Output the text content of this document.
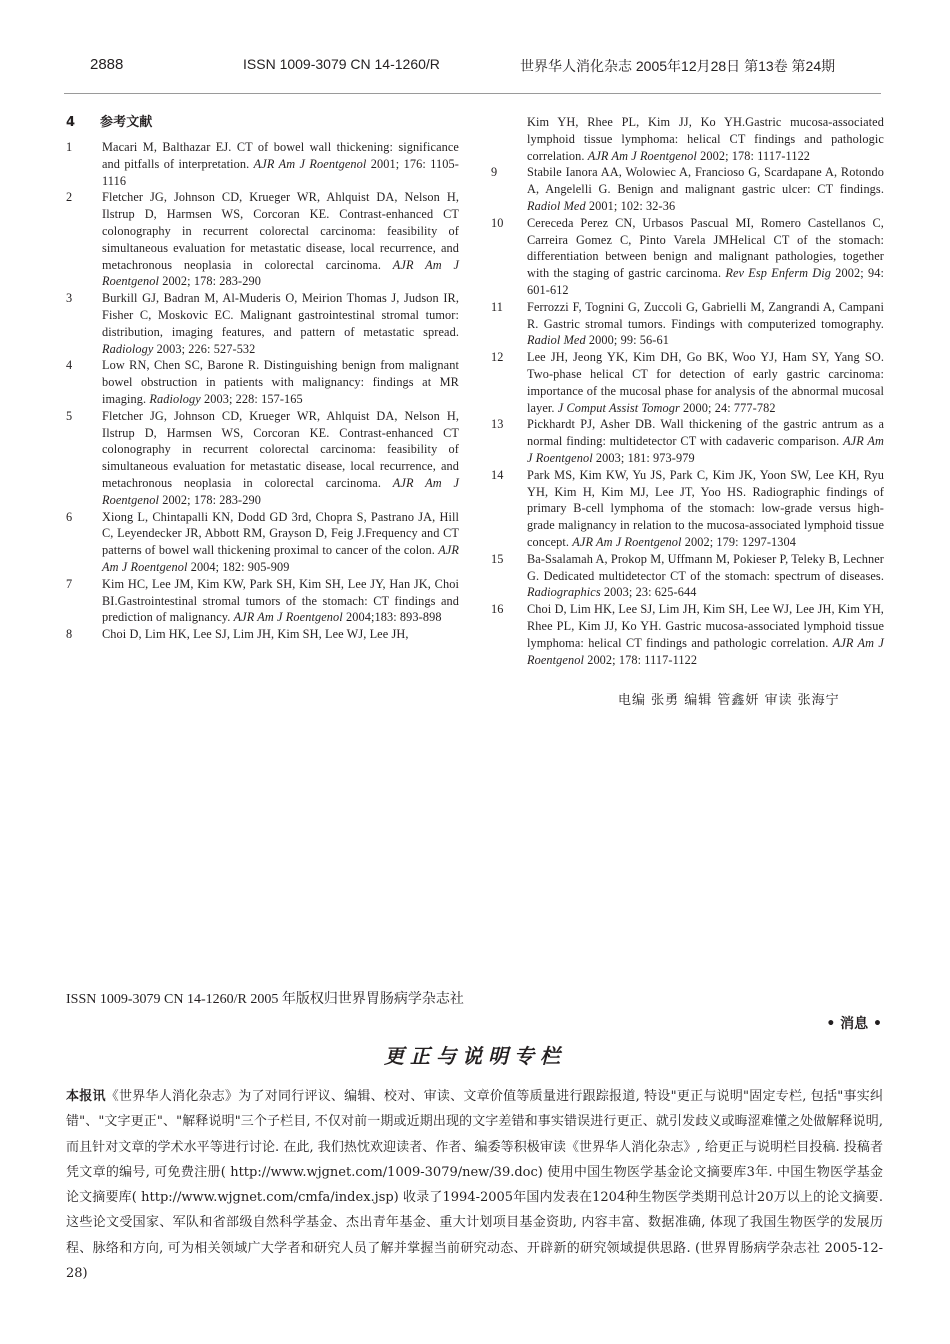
2888	ISSN 1009-3079 CN 14-1260/R	世界华人消化杂志 2005年12月28日 第13卷 第24期
4 参考文献
1	Macari M, Balthazar EJ. CT of bowel wall thickening: significance and pitfalls of interpretation. AJR Am J Roentgenol 2001; 176: 1105-1116
2	Fletcher JG, Johnson CD, Krueger WR, Ahlquist DA, Nelson H, Ilstrup D, Harmsen WS, Corcoran KE. Contrast-enhanced CT colonography in recurrent colorectal carcinoma: feasibility of simultaneous evaluation for metastatic disease, local recurrence, and metachronous neoplasia in colorectal carcinoma. AJR Am J Roentgenol 2002; 178: 283-290
3	Burkill GJ, Badran M, Al-Muderis O, Meirion Thomas J, Judson IR, Fisher C, Moskovic EC. Malignant gastrointestinal stromal tumor: distribution, imaging features, and pattern of metastatic spread. Radiology 2003; 226: 527-532
4	Low RN, Chen SC, Barone R. Distinguishing benign from malignant bowel obstruction in patients with malignancy: findings at MR imaging. Radiology 2003; 228: 157-165
5	Fletcher JG, Johnson CD, Krueger WR, Ahlquist DA, Nelson H, Ilstrup D, Harmsen WS, Corcoran KE. Contrast-enhanced CT colonography in recurrent colorectal carcinoma: feasibility of simultaneous evaluation for metastatic disease, local recurrence, and metachronous neoplasia in colorectal carcinoma. AJR Am J Roentgenol 2002; 178: 283-290
6	Xiong L, Chintapalli KN, Dodd GD 3rd, Chopra S, Pastrano JA, Hill C, Leyendecker JR, Abbott RM, Grayson D, Feig J.Frequency and CT patterns of bowel wall thickening proximal to cancer of the colon. AJR Am J Roentgenol 2004; 182: 905-909
7	Kim HC, Lee JM, Kim KW, Park SH, Kim SH, Lee JY, Han JK, Choi BI.Gastrointestinal stromal tumors of the stomach: CT findings and prediction of malignancy. AJR Am J Roentgenol 2004;183: 893-898
8	Choi D, Lim HK, Lee SJ, Lim JH, Kim SH, Lee WJ, Lee JH,
Kim YH, Rhee PL, Kim JJ, Ko YH.Gastric mucosa-associated lymphoid tissue lymphoma: helical CT findings and pathologic correlation. AJR Am J Roentgenol 2002; 178: 1117-1122
9	Stabile Ianora AA, Wolowiec A, Francioso G, Scardapane A, Rotondo A, Angelelli G. Benign and malignant gastric ulcer: CT findings. Radiol Med 2001; 102: 32-36
10	Cereceda Perez CN, Urbasos Pascual MI, Romero Castellanos C, Carreira Gomez C, Pinto Varela JMHelical CT of the stomach: differentiation between benign and malignant pathologies, together with the staging of gastric carcinoma. Rev Esp Enferm Dig 2002; 94: 601-612
11	Ferrozzi F, Tognini G, Zuccoli G, Gabrielli M, Zangrandi A, Campani R. Gastric stromal tumors. Findings with computerized tomography. Radiol Med 2000; 99: 56-61
12	Lee JH, Jeong YK, Kim DH, Go BK, Woo YJ, Ham SY, Yang SO. Two-phase helical CT for detection of early gastric carcinoma: importance of the mucosal phase for analysis of the abnormal mucosal layer. J Comput Assist Tomogr 2000; 24: 777-782
13	Pickhardt PJ, Asher DB. Wall thickening of the gastric antrum as a normal finding: multidetector CT with cadaveric comparison. AJR Am J Roentgenol 2003; 181: 973-979
14	Park MS, Kim KW, Yu JS, Park C, Kim JK, Yoon SW, Lee KH, Ryu YH, Kim H, Kim MJ, Lee JT, Yoo HS. Radiographic findings of primary B-cell lymphoma of the stomach: low-grade versus high-grade malignancy in relation to the mucosa-associated lymphoid tissue concept. AJR Am J Roentgenol 2002; 179: 1297-1304
15	Ba-Ssalamah A, Prokop M, Uffmann M, Pokieser P, Teleky B, Lechner G. Dedicated multidetector CT of the stomach: spectrum of diseases. Radiographics 2003; 23: 625-644
16	Choi D, Lim HK, Lee SJ, Lim JH, Kim SH, Lee WJ, Lee JH, Kim YH, Rhee PL, Kim JJ, Ko YH. Gastric mucosa-associated lymphoid tissue lymphoma: helical CT findings and pathologic correlation. AJR Am J Roentgenol 2002; 178: 1117-1122
电编 张勇 编辑 管鑫妍 审读 张海宁
ISSN 1009-3079 CN 14-1260/R 2005 年版权归世界胃肠病学杂志社
• 消息 •
更正与说明专栏
本报讯《世界华人消化杂志》为了对同行评议、编辑、校对、审读、文章价值等质量进行跟踪报道, 特设"更正与说明"固定专栏, 包括"事实纠错"、"文字更正"、"解释说明"三个子栏目, 不仅对前一期或近期出现的文字差错和事实错误进行更正、就引发歧义或晦涩难懂之处做解释说明, 而且针对文章的学术水平等进行讨论. 在此, 我们热忱欢迎读者、作者、编委等积极审读《世界华人消化杂志》, 给更正与说明栏目投稿. 投稿者凭文章的编号, 可免费注册( http://www.wjgnet.com/1009-3079/new/39.doc) 使用中国生物医学基金论文摘要库3年. 中国生物医学基金论文摘要库( http://www.wjgnet.com/cmfa/index.jsp) 收录了1994-2005年国内发表在1204种生物医学类期刊总计20万以上的论文摘要. 这些论文受国家、军队和省部级自然科学基金、杰出青年基金、重大计划项目基金资助, 内容丰富、数据准确, 体现了我国生物医学的发展历程、脉络和方向, 可为相关领域广大学者和研究人员了解并掌握当前研究动态、开辟新的研究领域提供思路. (世界胃肠病学杂志社 2005-12-28)
